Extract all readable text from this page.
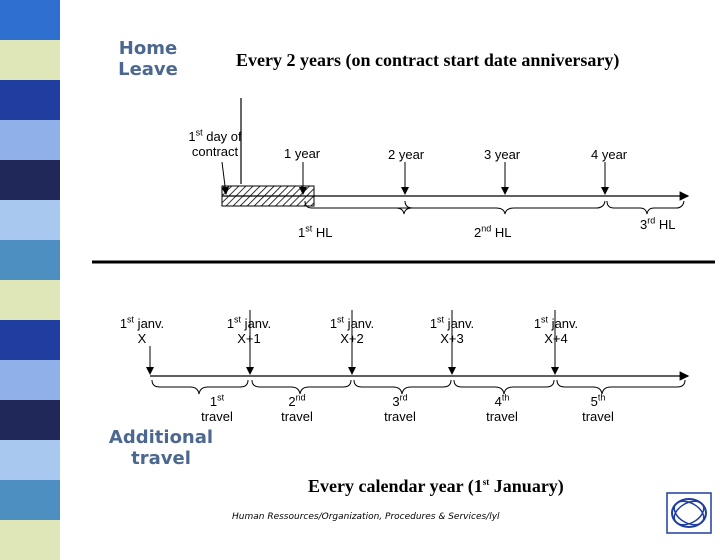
Home
Leave	Every 2 years (on contract start date anniversary)
1st day of
contract	1 year	2 year	3 year	4 year
1st HL	2nd HL
3rd HL
1st janv.
X
1st janv.
X+1
1st janv.
X+2
1st janv.
X+3
1st janv.
X+4
1st
travel
2nd
travel
3rd
travel
4th
travel
5th
travel
Additional
travel
Every calendar year (1st January)
Human Ressources/Organization, Procedures & Services/lyl
